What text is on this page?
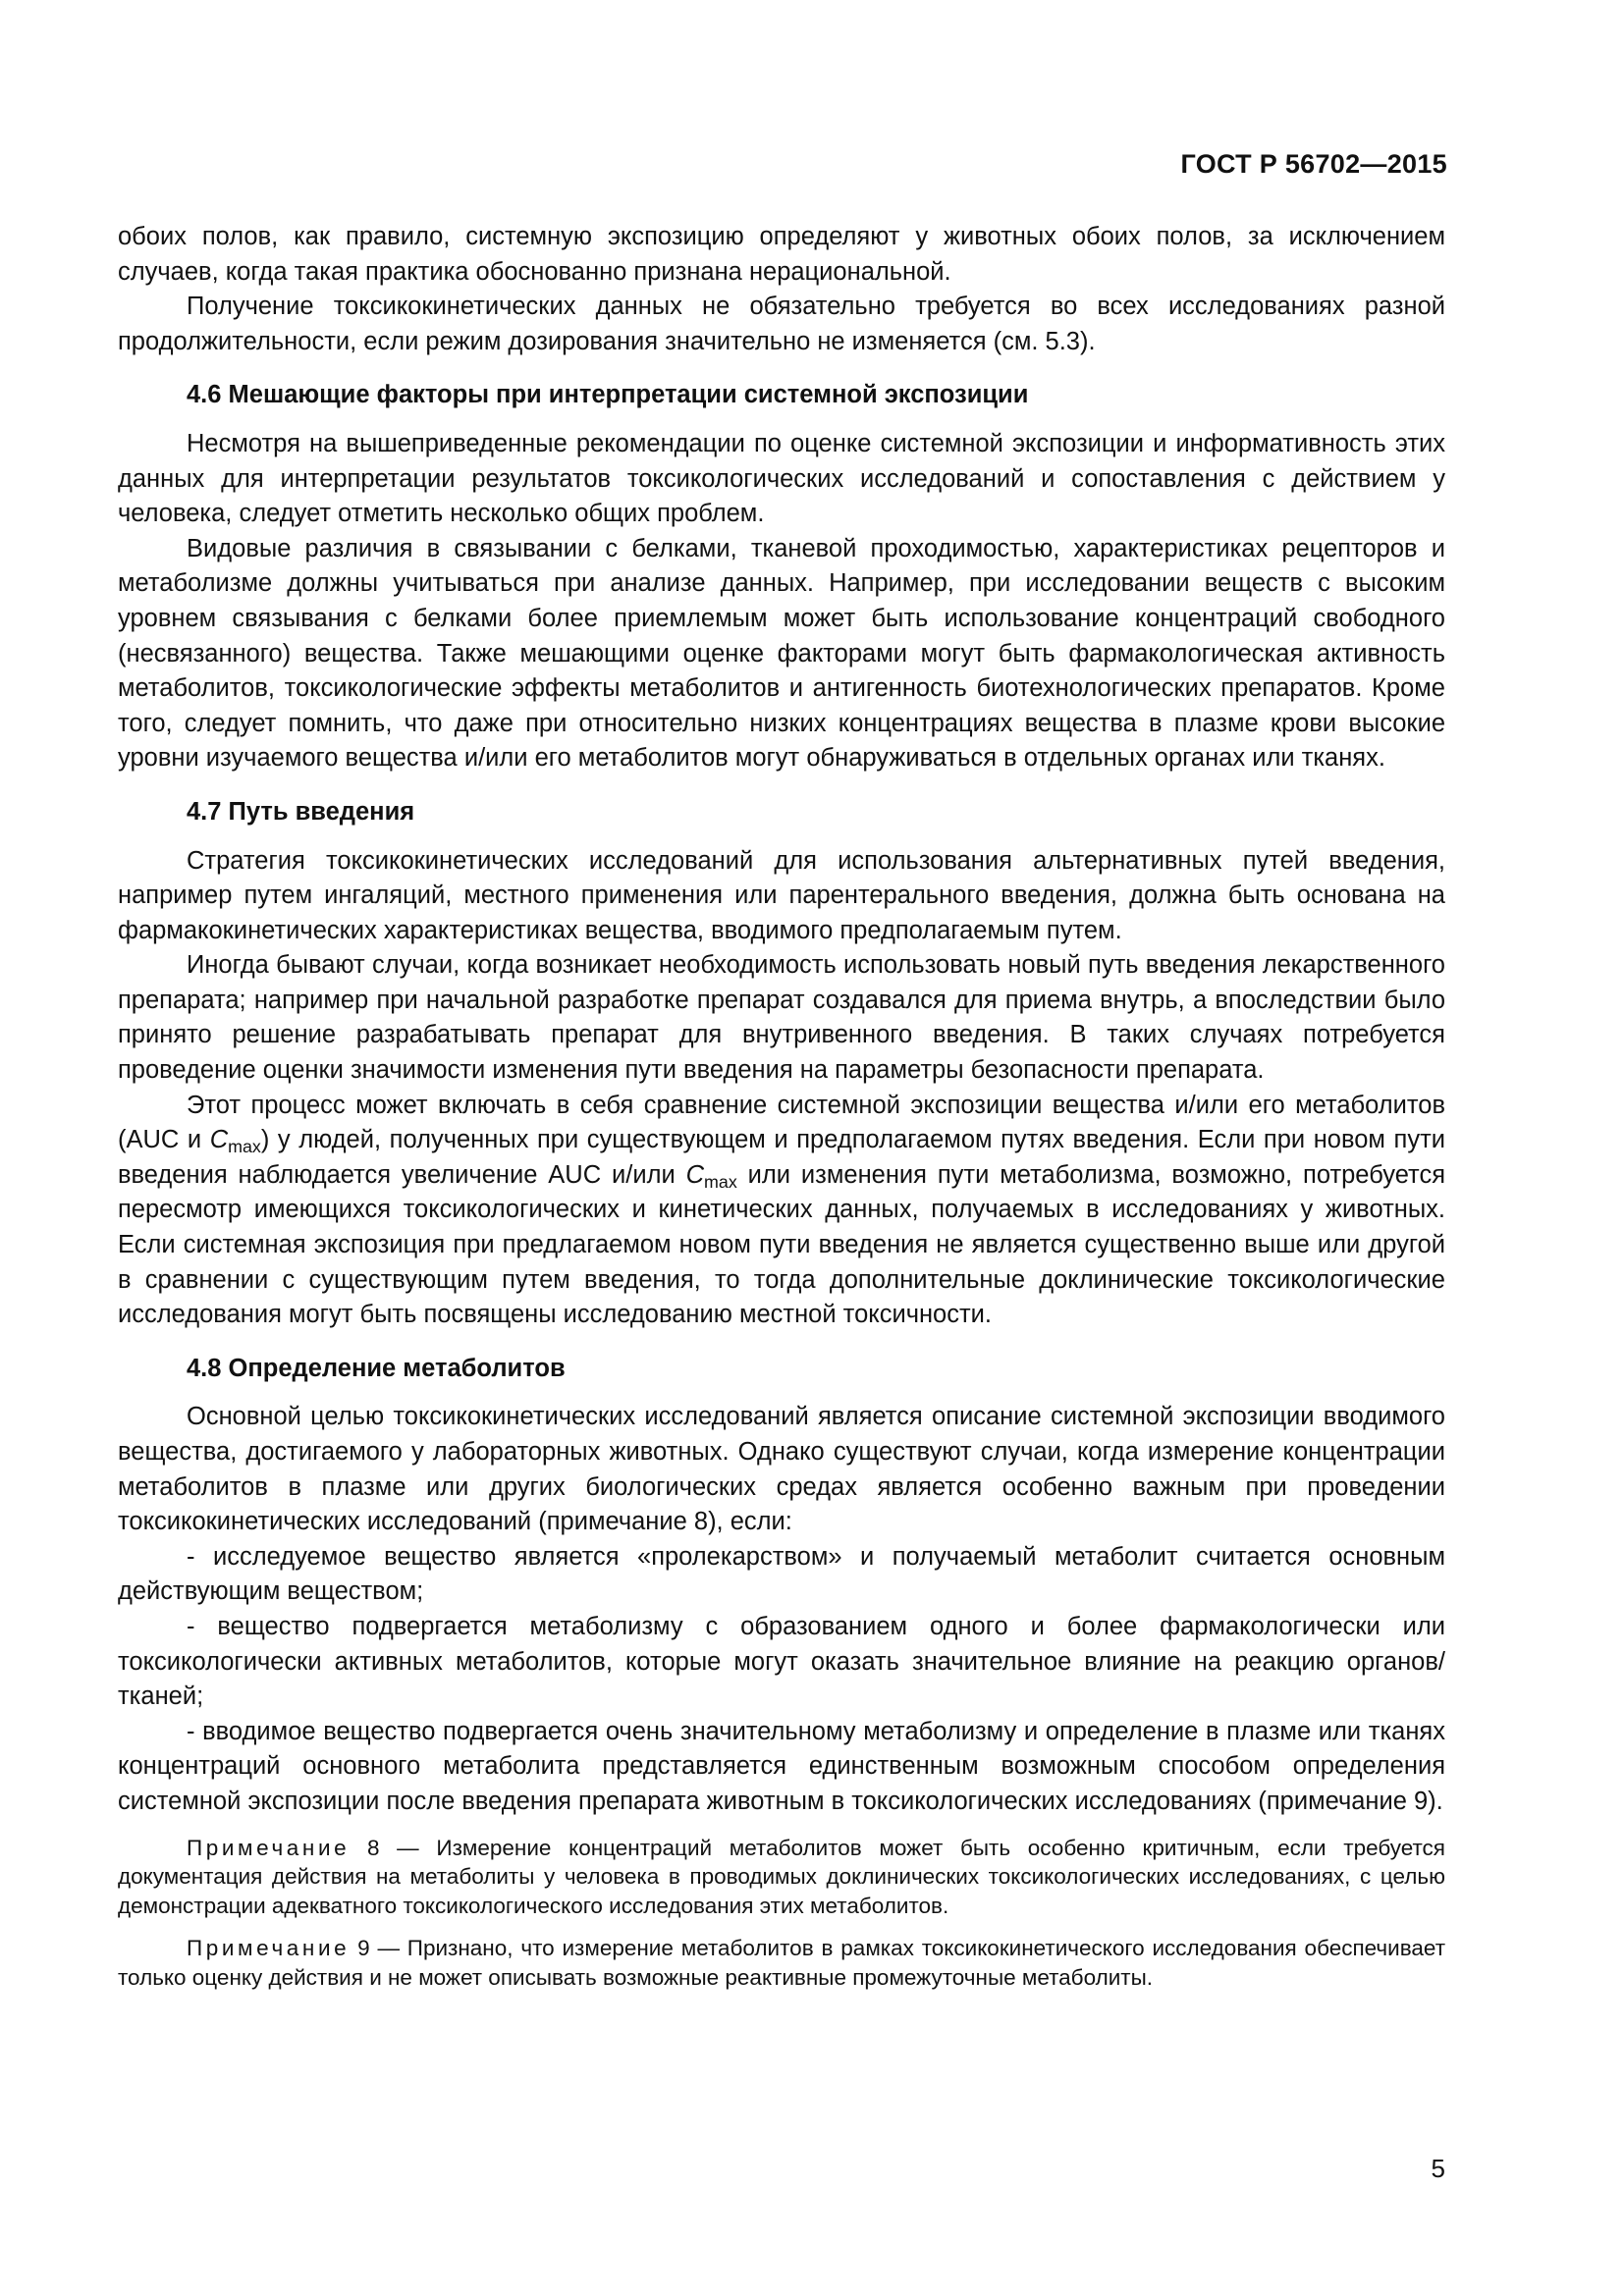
ГОСТ Р 56702—2015

обоих полов, как правило, системную экспозицию определяют у животных обоих полов, за исключением случаев, когда такая практика обоснованно признана нерациональной.

Получение токсикокинетических данных не обязательно требуется во всех исследованиях разной продолжительности, если режим дозирования значительно не изменяется (см. 5.3).

4.6 Мешающие факторы при интерпретации системной экспозиции

Несмотря на вышеприведенные рекомендации по оценке системной экспозиции и информативность этих данных для интерпретации результатов токсикологических исследований и сопоставления с действием у человека, следует отметить несколько общих проблем.

Видовые различия в связывании с белками, тканевой проходимостью, характеристиках рецепторов и метаболизме должны учитываться при анализе данных. Например, при исследовании веществ с высоким уровнем связывания с белками более приемлемым может быть использование концентраций свободного (несвязанного) вещества. Также мешающими оценке факторами могут быть фармакологическая активность метаболитов, токсикологические эффекты метаболитов и антигенность биотехнологических препаратов. Кроме того, следует помнить, что даже при относительно низких концентрациях вещества в плазме крови высокие уровни изучаемого вещества и/или его метаболитов могут обнаруживаться в отдельных органах или тканях.

4.7 Путь введения

Стратегия токсикокинетических исследований для использования альтернативных путей введения, например путем ингаляций, местного применения или парентерального введения, должна быть основана на фармакокинетических характеристиках вещества, вводимого предполагаемым путем.

Иногда бывают случаи, когда возникает необходимость использовать новый путь введения лекарственного препарата; например при начальной разработке препарат создавался для приема внутрь, а впоследствии было принято решение разрабатывать препарат для внутривенного введения. В таких случаях потребуется проведение оценки значимости изменения пути введения на параметры безопасности препарата.

Этот процесс может включать в себя сравнение системной экспозиции вещества и/или его метаболитов (AUC и $C_{max}$) у людей, полученных при существующем и предполагаемом путях введения. Если при новом пути введения наблюдается увеличение AUC и/или $C_{max}$ или изменения пути метаболизма, возможно, потребуется пересмотр имеющихся токсикологических и кинетических данных, получаемых в исследованиях у животных. Если системная экспозиция при предлагаемом новом пути введения не является существенно выше или другой в сравнении с существующим путем введения, то тогда дополнительные доклинические токсикологические исследования могут быть посвящены исследованию местной токсичности.

4.8 Определение метаболитов

Основной целью токсикокинетических исследований является описание системной экспозиции вводимого вещества, достигаемого у лабораторных животных. Однако существуют случаи, когда измерение концентрации метаболитов в плазме или других биологических средах является особенно важным при проведении токсикокинетических исследований (примечание 8), если:

- исследуемое вещество является «пролекарством» и получаемый метаболит считается основным действующим веществом;

- вещество подвергается метаболизму с образованием одного и более фармакологически или токсикологически активных метаболитов, которые могут оказать значительное влияние на реакцию органов/тканей;

- вводимое вещество подвергается очень значительному метаболизму и определение в плазме или тканях концентраций основного метаболита представляется единственным возможным способом определения системной экспозиции после введения препарата животным в токсикологических исследованиях (примечание 9).

Примечание 8 — Измерение концентраций метаболитов может быть особенно критичным, если требуется документация действия на метаболиты у человека в проводимых доклинических токсикологических исследованиях, с целью демонстрации адекватного токсикологического исследования этих метаболитов.

Примечание 9 — Признано, что измерение метаболитов в рамках токсикокинетического исследования обеспечивает только оценку действия и не может описывать возможные реактивные промежуточные метаболиты.

5
